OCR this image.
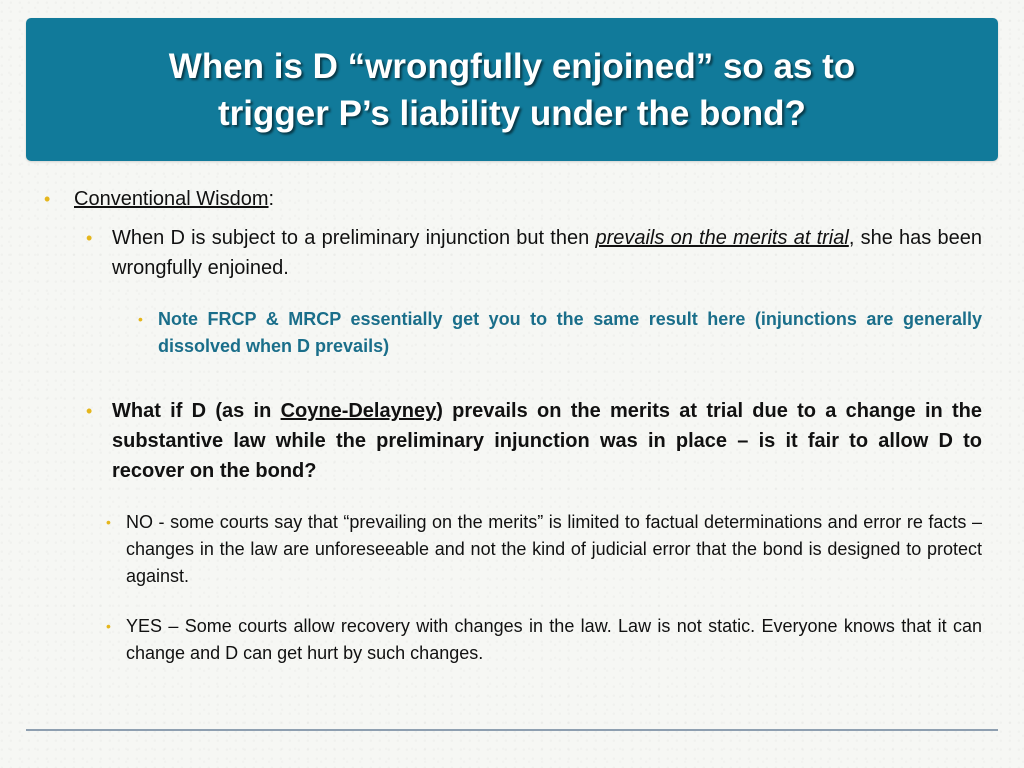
When is D “wrongfully enjoined” so as to
trigger P’s liability under the bond?
•	Conventional Wisdom:
• When D is subject to a preliminary injunction but then prevails on the merits at trial, she has been wrongfully enjoined.
• Note FRCP & MRCP essentially get you to the same result here (injunctions are generally dissolved when D prevails)
• What if D (as in Coyne-Delayney) prevails on the merits at trial due to a change in the substantive law while the preliminary injunction was in place – is it fair to allow D to recover on the bond?
• NO - some courts say that “prevailing on the merits” is limited to factual determinations and error re facts – changes in the law are unforeseeable and not the kind of judicial error that the bond is designed to protect against.
• YES – Some courts allow recovery with changes in the law. Law is not static. Everyone knows that it can change and D can get hurt by such changes.
